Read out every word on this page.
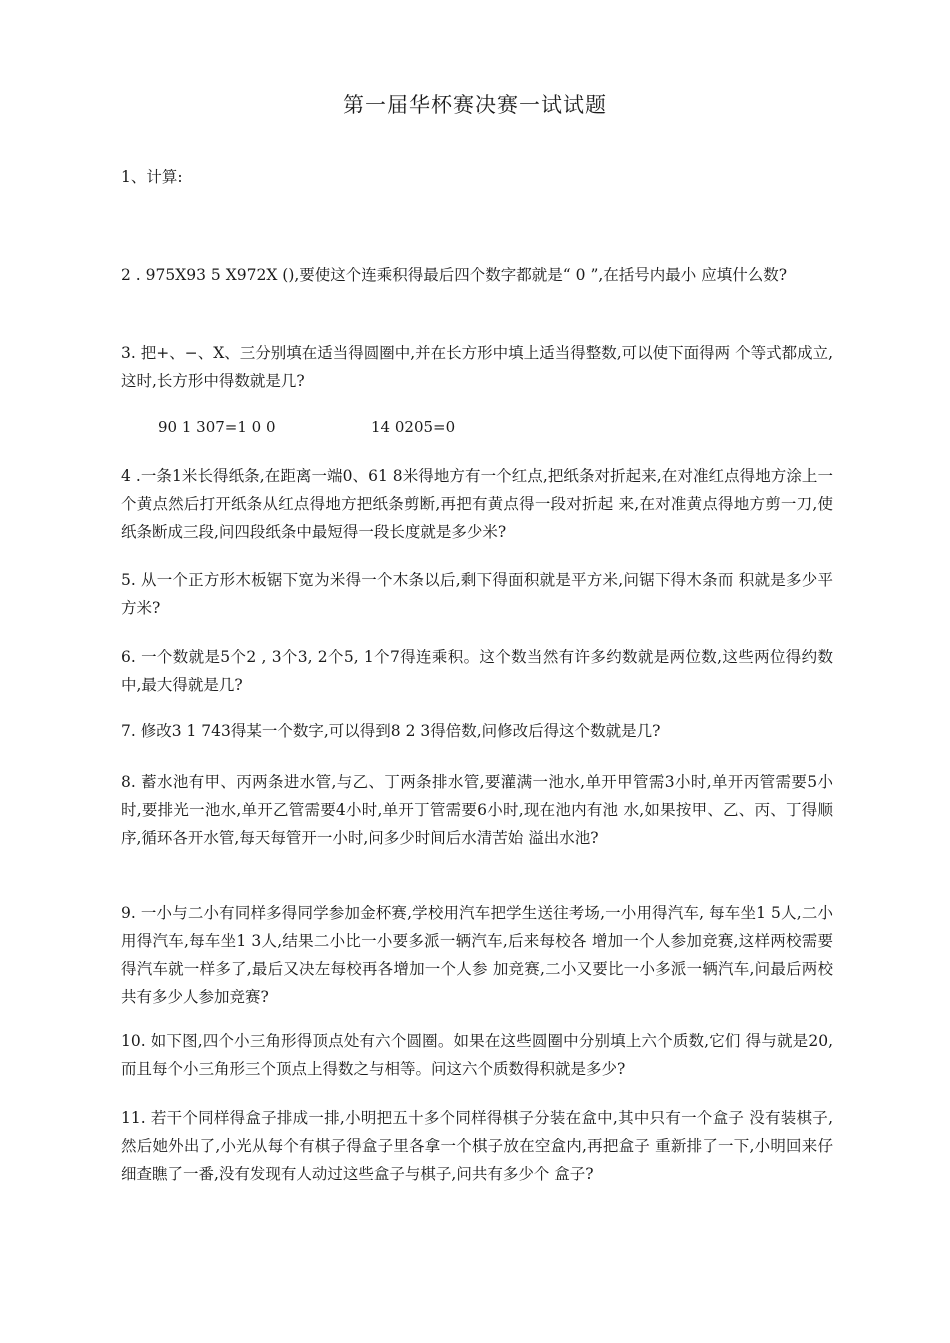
第一届华杯赛决赛一试试题
1、计算:
2 . 975X93 5 X972X (),要使这个连乘积得最后四个数字都就是“ 0 ”,在括号内最小 应填什么数?
3. 把+、−、X、三分别填在适当得圆圈中,并在长方形中填上适当得整数,可以使下面得两 个等式都成立,这时,长方形中得数就是几?
90 1 307=1 0 0	14 0205=0
4 .一条1米长得纸条,在距离一端0、61 8米得地方有一个红点,把纸条对折起来,在对准红点得地方涂上一个黄点然后打开纸条从红点得地方把纸条剪断,再把有黄点得一段对折起 来,在对准黄点得地方剪一刀,使纸条断成三段,问四段纸条中最短得一段长度就是多少米?
5. 从一个正方形木板锯下宽为米得一个木条以后,剩下得面积就是平方米,问锯下得木条而 积就是多少平方米?
6. 一个数就是5个2 , 3个3, 2个5, 1个7得连乘积。这个数当然有许多约数就是两位数,这些两位得约数中,最大得就是几?
7. 修改3 1 743得某一个数字,可以得到8 2 3得倍数,问修改后得这个数就是几?
8. 蓄水池有甲、丙两条进水管,与乙、丁两条排水管,要灌满一池水,单开甲管需3小时,单开丙管需要5小时,要排光一池水,单开乙管需要4小时,单开丁管需要6小时,现在池内有池 水,如果按甲、乙、丙、丁得顺序,循环各开水管,每天每管开一小时,问多少时间后水清苦始 溢出水池?
9. 一小与二小有同样多得同学参加金杯赛,学校用汽车把学生送往考场,一小用得汽车, 每车坐1 5人,二小用得汽车,每车坐1 3人,结果二小比一小要多派一辆汽车,后来每校各 增加一个人参加竞赛,这样两校需要得汽车就一样多了,最后又决左每校再各增加一个人参 加竞赛,二小又要比一小多派一辆汽车,问最后两校共有多少人参加竞赛?
10. 如下图,四个小三角形得顶点处有六个圆圈。如果在这些圆圈中分别填上六个质数,它们 得与就是20,而且每个小三角形三个顶点上得数之与相等。问这六个质数得积就是多少?
11. 若干个同样得盒子排成一排,小明把五十多个同样得棋子分装在盒中,其中只有一个盒子 没有装棋子,然后她外出了,小光从每个有棋子得盒子里各拿一个棋子放在空盒内,再把盒子 重新排了一下,小明回来仔细查瞧了一番,没有发现有人动过这些盒子与棋子,问共有多少个 盒子?
